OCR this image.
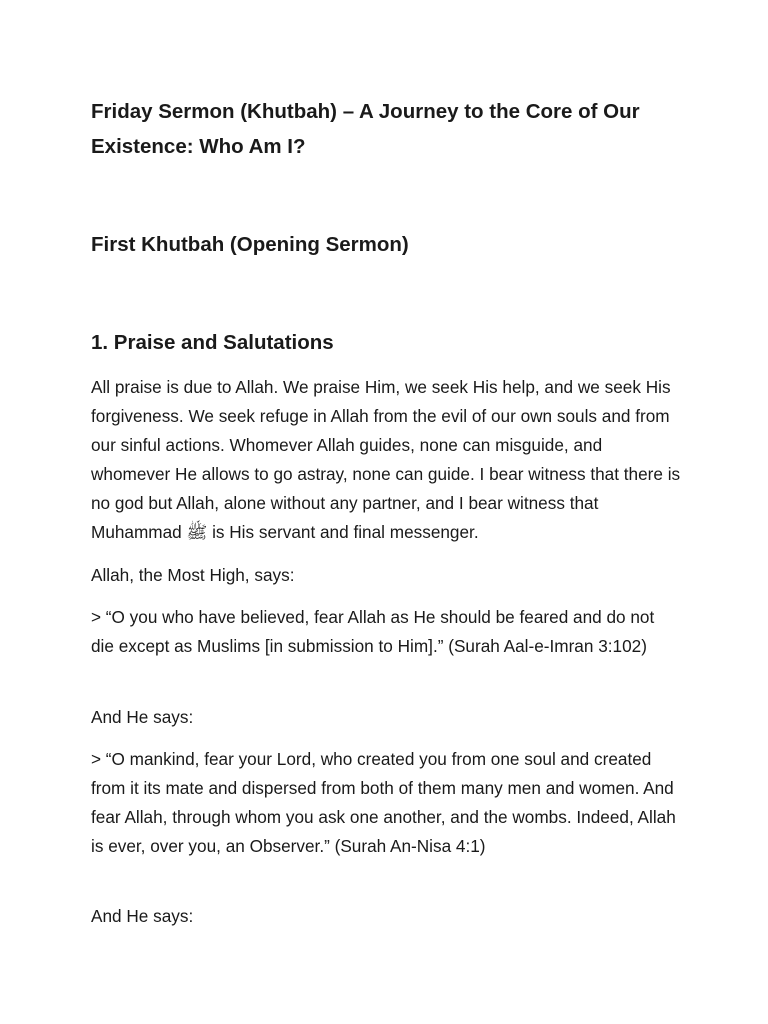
Friday Sermon (Khutbah) – A Journey to the Core of Our Existence: Who Am I?
First Khutbah (Opening Sermon)
1. Praise and Salutations

All praise is due to Allah. We praise Him, we seek His help, and we seek His forgiveness. We seek refuge in Allah from the evil of our own souls and from our sinful actions. Whomever Allah guides, none can misguide, and whomever He allows to go astray, none can guide. I bear witness that there is no god but Allah, alone without any partner, and I bear witness that Muhammad ﷺ is His servant and final messenger.

Allah, the Most High, says:

> “O you who have believed, fear Allah as He should be feared and do not die except as Muslims [in submission to Him].” (Surah Aal-e-Imran 3:102)

And He says:

> “O mankind, fear your Lord, who created you from one soul and created from it its mate and dispersed from both of them many men and women. And fear Allah, through whom you ask one another, and the wombs. Indeed, Allah is ever, over you, an Observer.” (Surah An-Nisa 4:1)

And He says:
